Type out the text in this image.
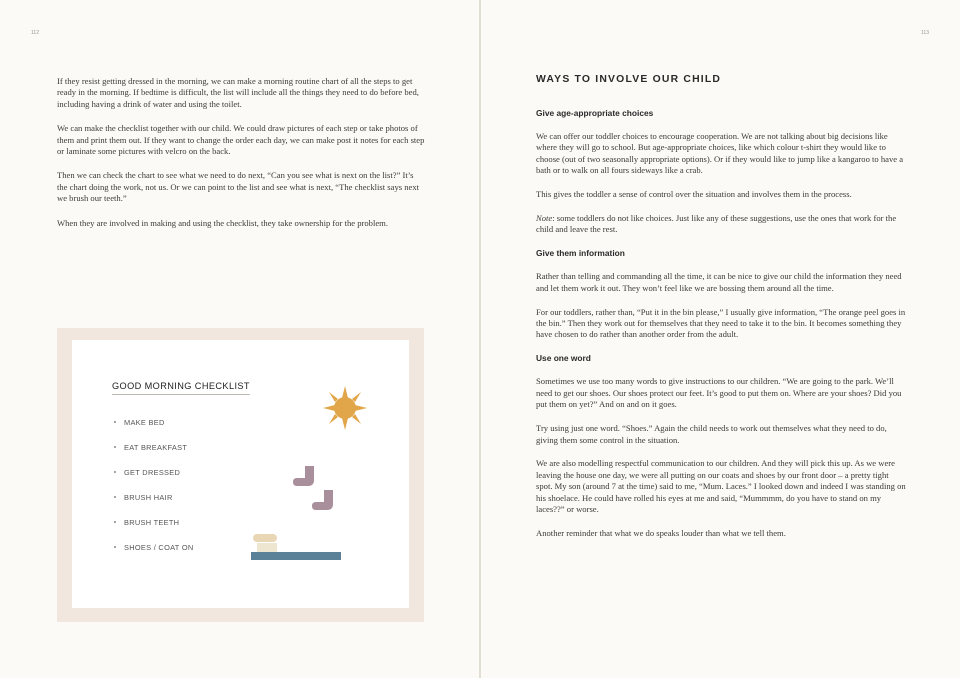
112

If they resist getting dressed in the morning, we can make a morning routine chart of all the steps to get ready in the morning. If bedtime is difficult, the list will include all the things they need to do before bed, including having a drink of water and using the toilet.

We can make the checklist together with our child. We could draw pictures of each step or take photos of them and print them out. If they want to change the order each day, we can make post it notes for each step or laminate some pictures with velcro on the back.

Then we can check the chart to see what we need to do next, “Can you see what is next on the list?” It’s the chart doing the work, not us. Or we can point to the list and see what is next, “The checklist says next we brush our teeth.”

When they are involved in making and using the checklist, they take ownership for the problem.

GOOD MORNING CHECKLIST
MAKE BED
EAT BREAKFAST
GET DRESSED
BRUSH HAIR
BRUSH TEETH
SHOES / COAT ON
113
WAYS TO INVOLVE OUR CHILD
Give age-appropriate choices

We can offer our toddler choices to encourage cooperation. We are not talking about big decisions like where they will go to school. But age-appropriate choices, like which colour t-shirt they would like to choose (out of two seasonally appropriate options). Or if they would like to jump like a kangaroo to have a bath or to walk on all fours sideways like a crab.

This gives the toddler a sense of control over the situation and involves them in the process.

Note: some toddlers do not like choices. Just like any of these suggestions, use the ones that work for the child and leave the rest.

Give them information

Rather than telling and commanding all the time, it can be nice to give our child the information they need and let them work it out. They won’t feel like we are bossing them around all the time.

For our toddlers, rather than, “Put it in the bin please,” I usually give information, “The orange peel goes in the bin.” Then they work out for themselves that they need to take it to the bin. It becomes something they have chosen to do rather than another order from the adult.

Use one word

Sometimes we use too many words to give instructions to our children. “We are going to the park. We’ll need to get our shoes. Our shoes protect our feet. It’s good to put them on. Where are your shoes? Did you put them on yet?” And on and on it goes.

Try using just one word. “Shoes.” Again the child needs to work out themselves what they need to do, giving them some control in the situation.

We are also modelling respectful communication to our children. And they will pick this up. As we were leaving the house one day, we were all putting on our coats and shoes by our front door – a pretty tight spot. My son (around 7 at the time) said to me, “Mum. Laces.” I looked down and indeed I was standing on his shoelace. He could have rolled his eyes at me and said, “Mummmm, do you have to stand on my laces??” or worse.

Another reminder that what we do speaks louder than what we tell them.
